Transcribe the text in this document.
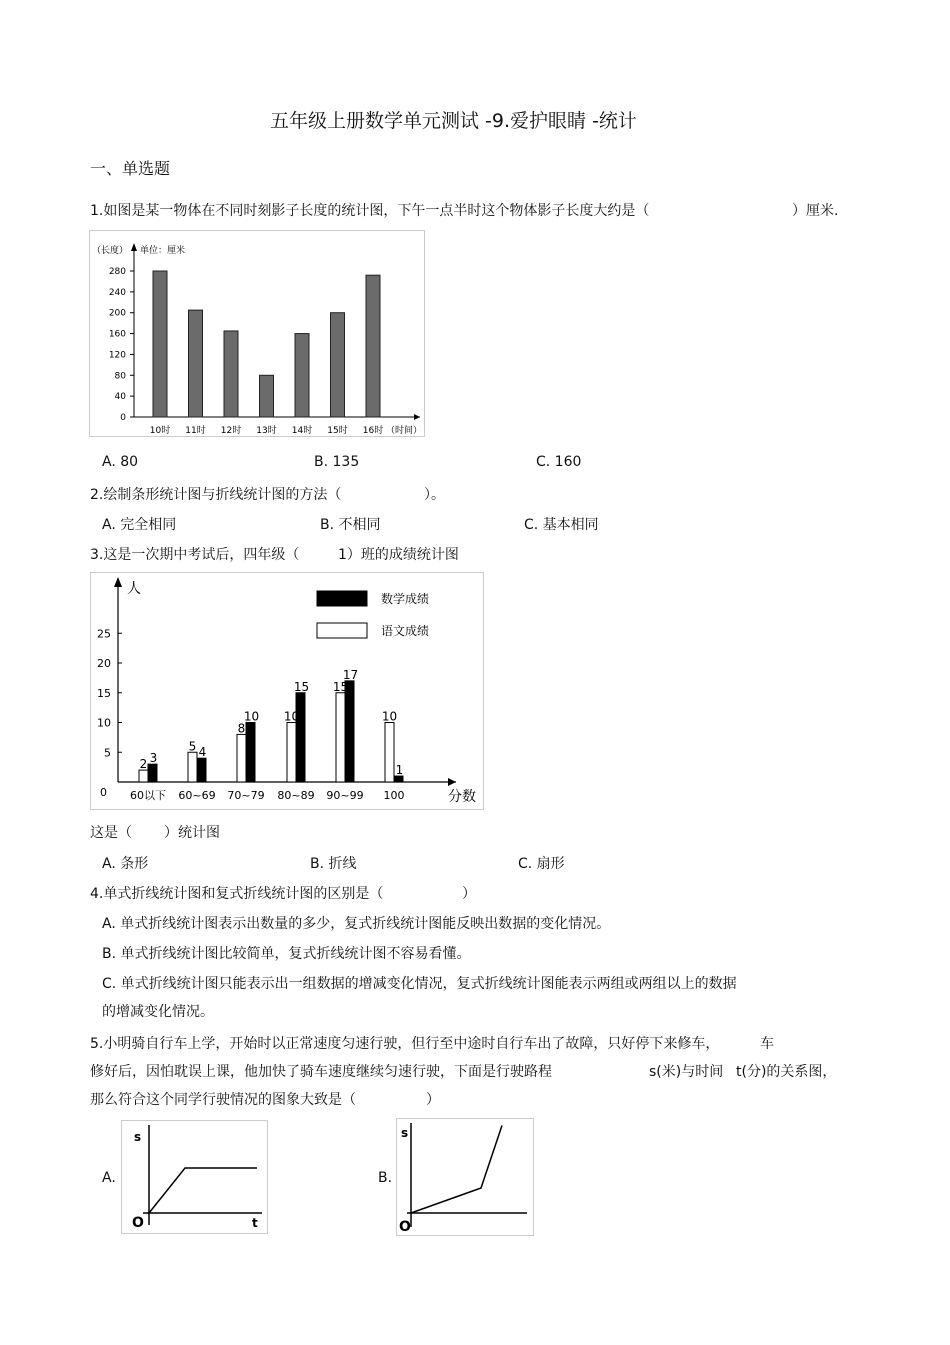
五年级上册数学单元测试 -9.爱护眼睛 -统计
一、单选题
1.如图是某一物体在不同时刻影子长度的统计图，下午一点半时这个物体影子长度大约是（	）厘米.
（长度） 单位：厘米
0
40
80
120
160
200
240
280
10时 11时 12时 13时 14时 15时 16时 （时间）
A. 80	B. 135	C. 160
2.绘制条形统计图与折线统计图的方法（	）。
A. 完全相同	B. 不相同	C. 基本相同
3.这是一次期中考试后，四年级（	1）班的成绩统计图
人
分数
0
5
10
15
20
25
2 3
60以下
5 4
60~69
8
10
70~79
10
15
80~89
15
17
90~99
10
1
100
数学成绩
语文成绩
这是（ ）统计图
A. 条形	B. 折线	C. 扇形
4.单式折线统计图和复式折线统计图的区别是（	）
A. 单式折线统计图表示出数量的多少，复式折线统计图能反映出数据的变化情况。
B. 单式折线统计图比较简单，复式折线统计图不容易看懂。
C. 单式折线统计图只能表示出一组数据的增减变化情况，复式折线统计图能表示两组或两组以上的数据
的增减变化情况。
5.小明骑自行车上学，开始时以正常速度匀速行驶，但行至中途时自行车出了故障，只好停下来修车，	车
修好后，因怕耽误上课，他加快了骑车速度继续匀速行驶，下面是行驶路程	s(米)与时间 t(分)的关系图，
那么符合这个同学行驶情况的图象大致是（	）
A.
s
t
O
B.
s
O
